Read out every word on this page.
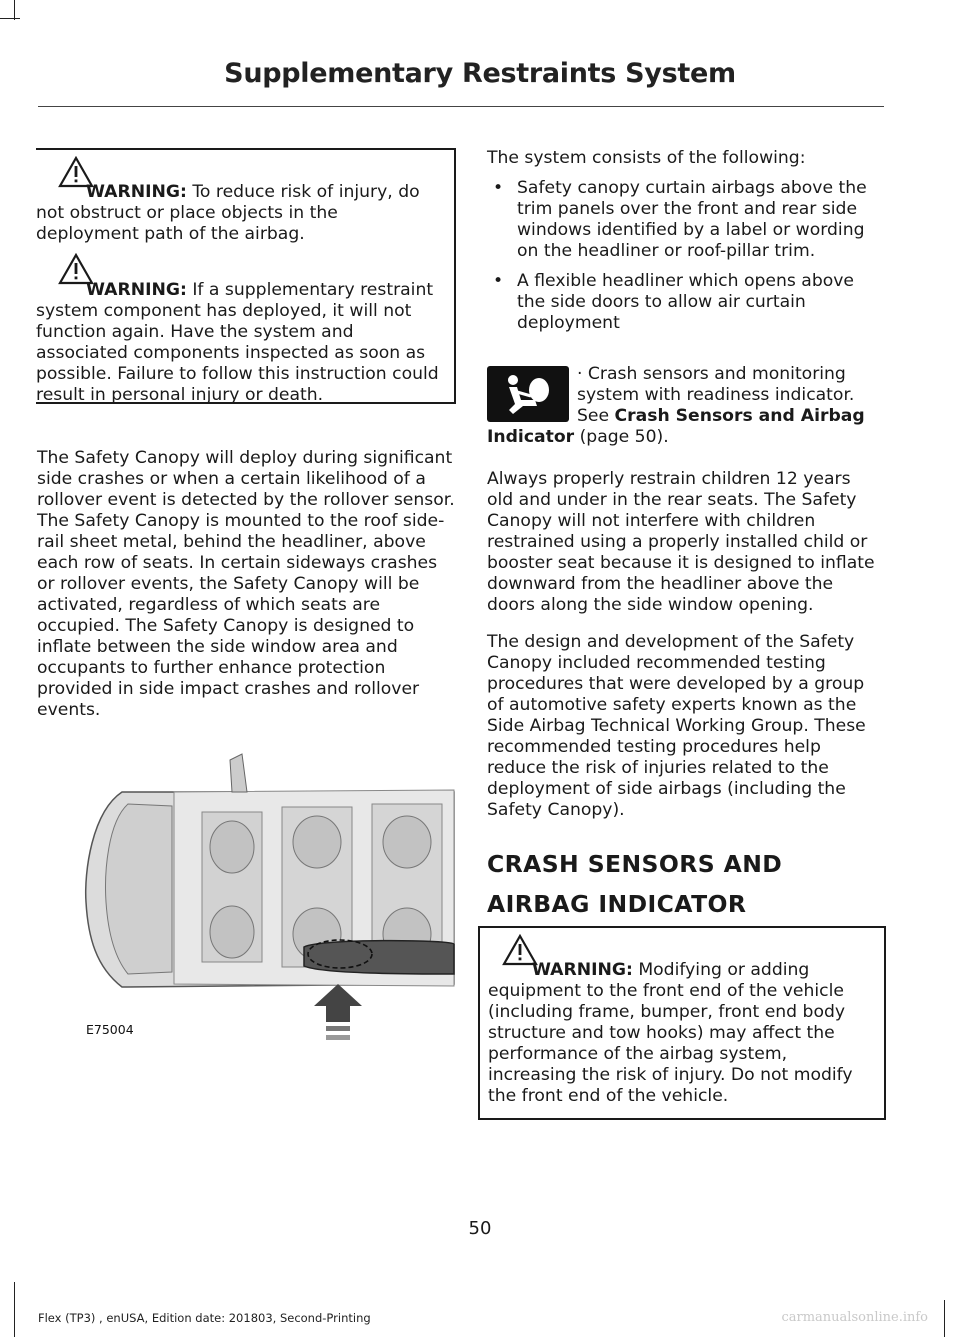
Supplementary Restraints System
WARNING: To reduce risk of injury, do not obstruct or place objects in the deployment path of the airbag.
WARNING: If a supplementary restraint system component has deployed, it will not function again. Have the system and associated components inspected as soon as possible. Failure to follow this instruction could result in personal injury or death.

The Safety Canopy will deploy during significant side crashes or when a certain likelihood of a rollover event is detected by the rollover sensor. The Safety Canopy is mounted to the roof side-rail sheet metal, behind the headliner, above each row of seats. In certain sideways crashes or rollover events, the Safety Canopy will be activated, regardless of which seats are occupied. The Safety Canopy is designed to inflate between the side window area and occupants to further enhance protection provided in side impact crashes and rollover events.

E75004

The system consists of the following:

• Safety canopy curtain airbags above the trim panels over the front and rear side windows identified by a label or wording on the headliner or roof-pillar trim.
• A flexible headliner which opens above the side doors to allow air curtain deployment

· Crash sensors and monitoring system with readiness indicator. See Crash Sensors and Airbag Indicator (page 50).

Always properly restrain children 12 years old and under in the rear seats. The Safety Canopy will not interfere with children restrained using a properly installed child or booster seat because it is designed to inflate downward from the headliner above the doors along the side window opening.

The design and development of the Safety Canopy included recommended testing procedures that were developed by a group of automotive safety experts known as the Side Airbag Technical Working Group. These recommended testing procedures help reduce the risk of injuries related to the deployment of side airbags (including the Safety Canopy).

CRASH SENSORS AND
AIRBAG INDICATOR
WARNING: Modifying or adding equipment to the front end of the vehicle (including frame, bumper, front end body structure and tow hooks) may affect the performance of the airbag system, increasing the risk of injury. Do not modify the front end of the vehicle.
50
Flex (TP3) , enUSA, Edition date: 201803, Second-Printing	carmanualsonline.info
